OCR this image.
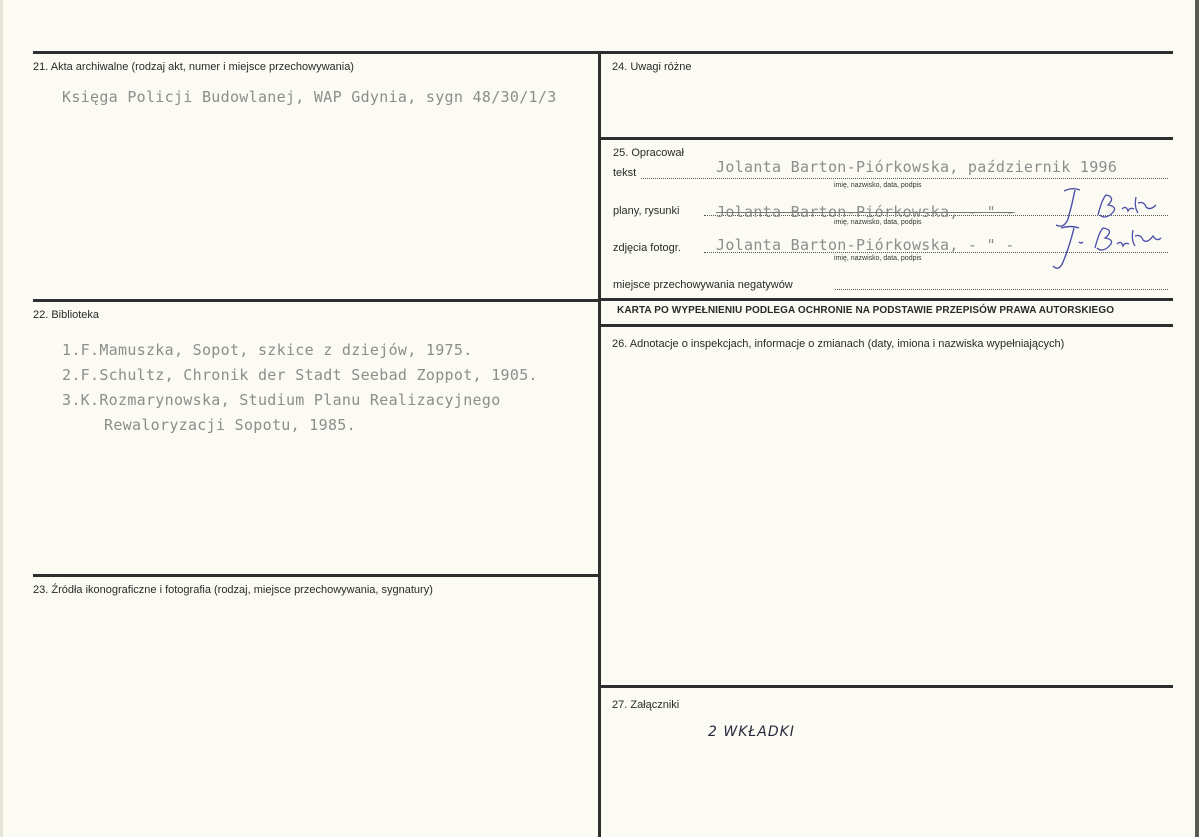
21. Akta archiwalne (rodzaj akt, numer i miejsce przechowywania)
Księga Policji Budowlanej, WAP Gdynia, sygn 48/30/1/3
22. Biblioteka
1.F.Mamuszka, Sopot, szkice z dziejów, 1975.
2.F.Schultz, Chronik der Stadt Seebad Zoppot, 1905.
3.K.Rozmarynowska, Studium Planu Realizacyjnego
Rewaloryzacji Sopotu, 1985.
23. Źródła ikonograficzne i fotografia (rodzaj, miejsce przechowywania, sygnatury)
24. Uwagi różne
25. Opracował
tekst	Jolanta Barton-Piórkowska, październik 1996
imię, nazwisko, data, podpis
plany, rysunki Jolanta Barton-Piórkowska, - " -
imię, nazwisko, data, podpis
zdjęcia fotogr. Jolanta Barton-Piórkowska, - " -
imię, nazwisko, data, podpis
miejsce przechowywania negatywów
KARTA PO WYPEŁNIENIU PODLEGA OCHRONIE NA PODSTAWIE PRZEPISÓW PRAWA AUTORSKIEGO
26. Adnotacje o inspekcjach, informacje o zmianach (daty, imiona i nazwiska wypełniających)
27. Załączniki
2 WKŁADKI
